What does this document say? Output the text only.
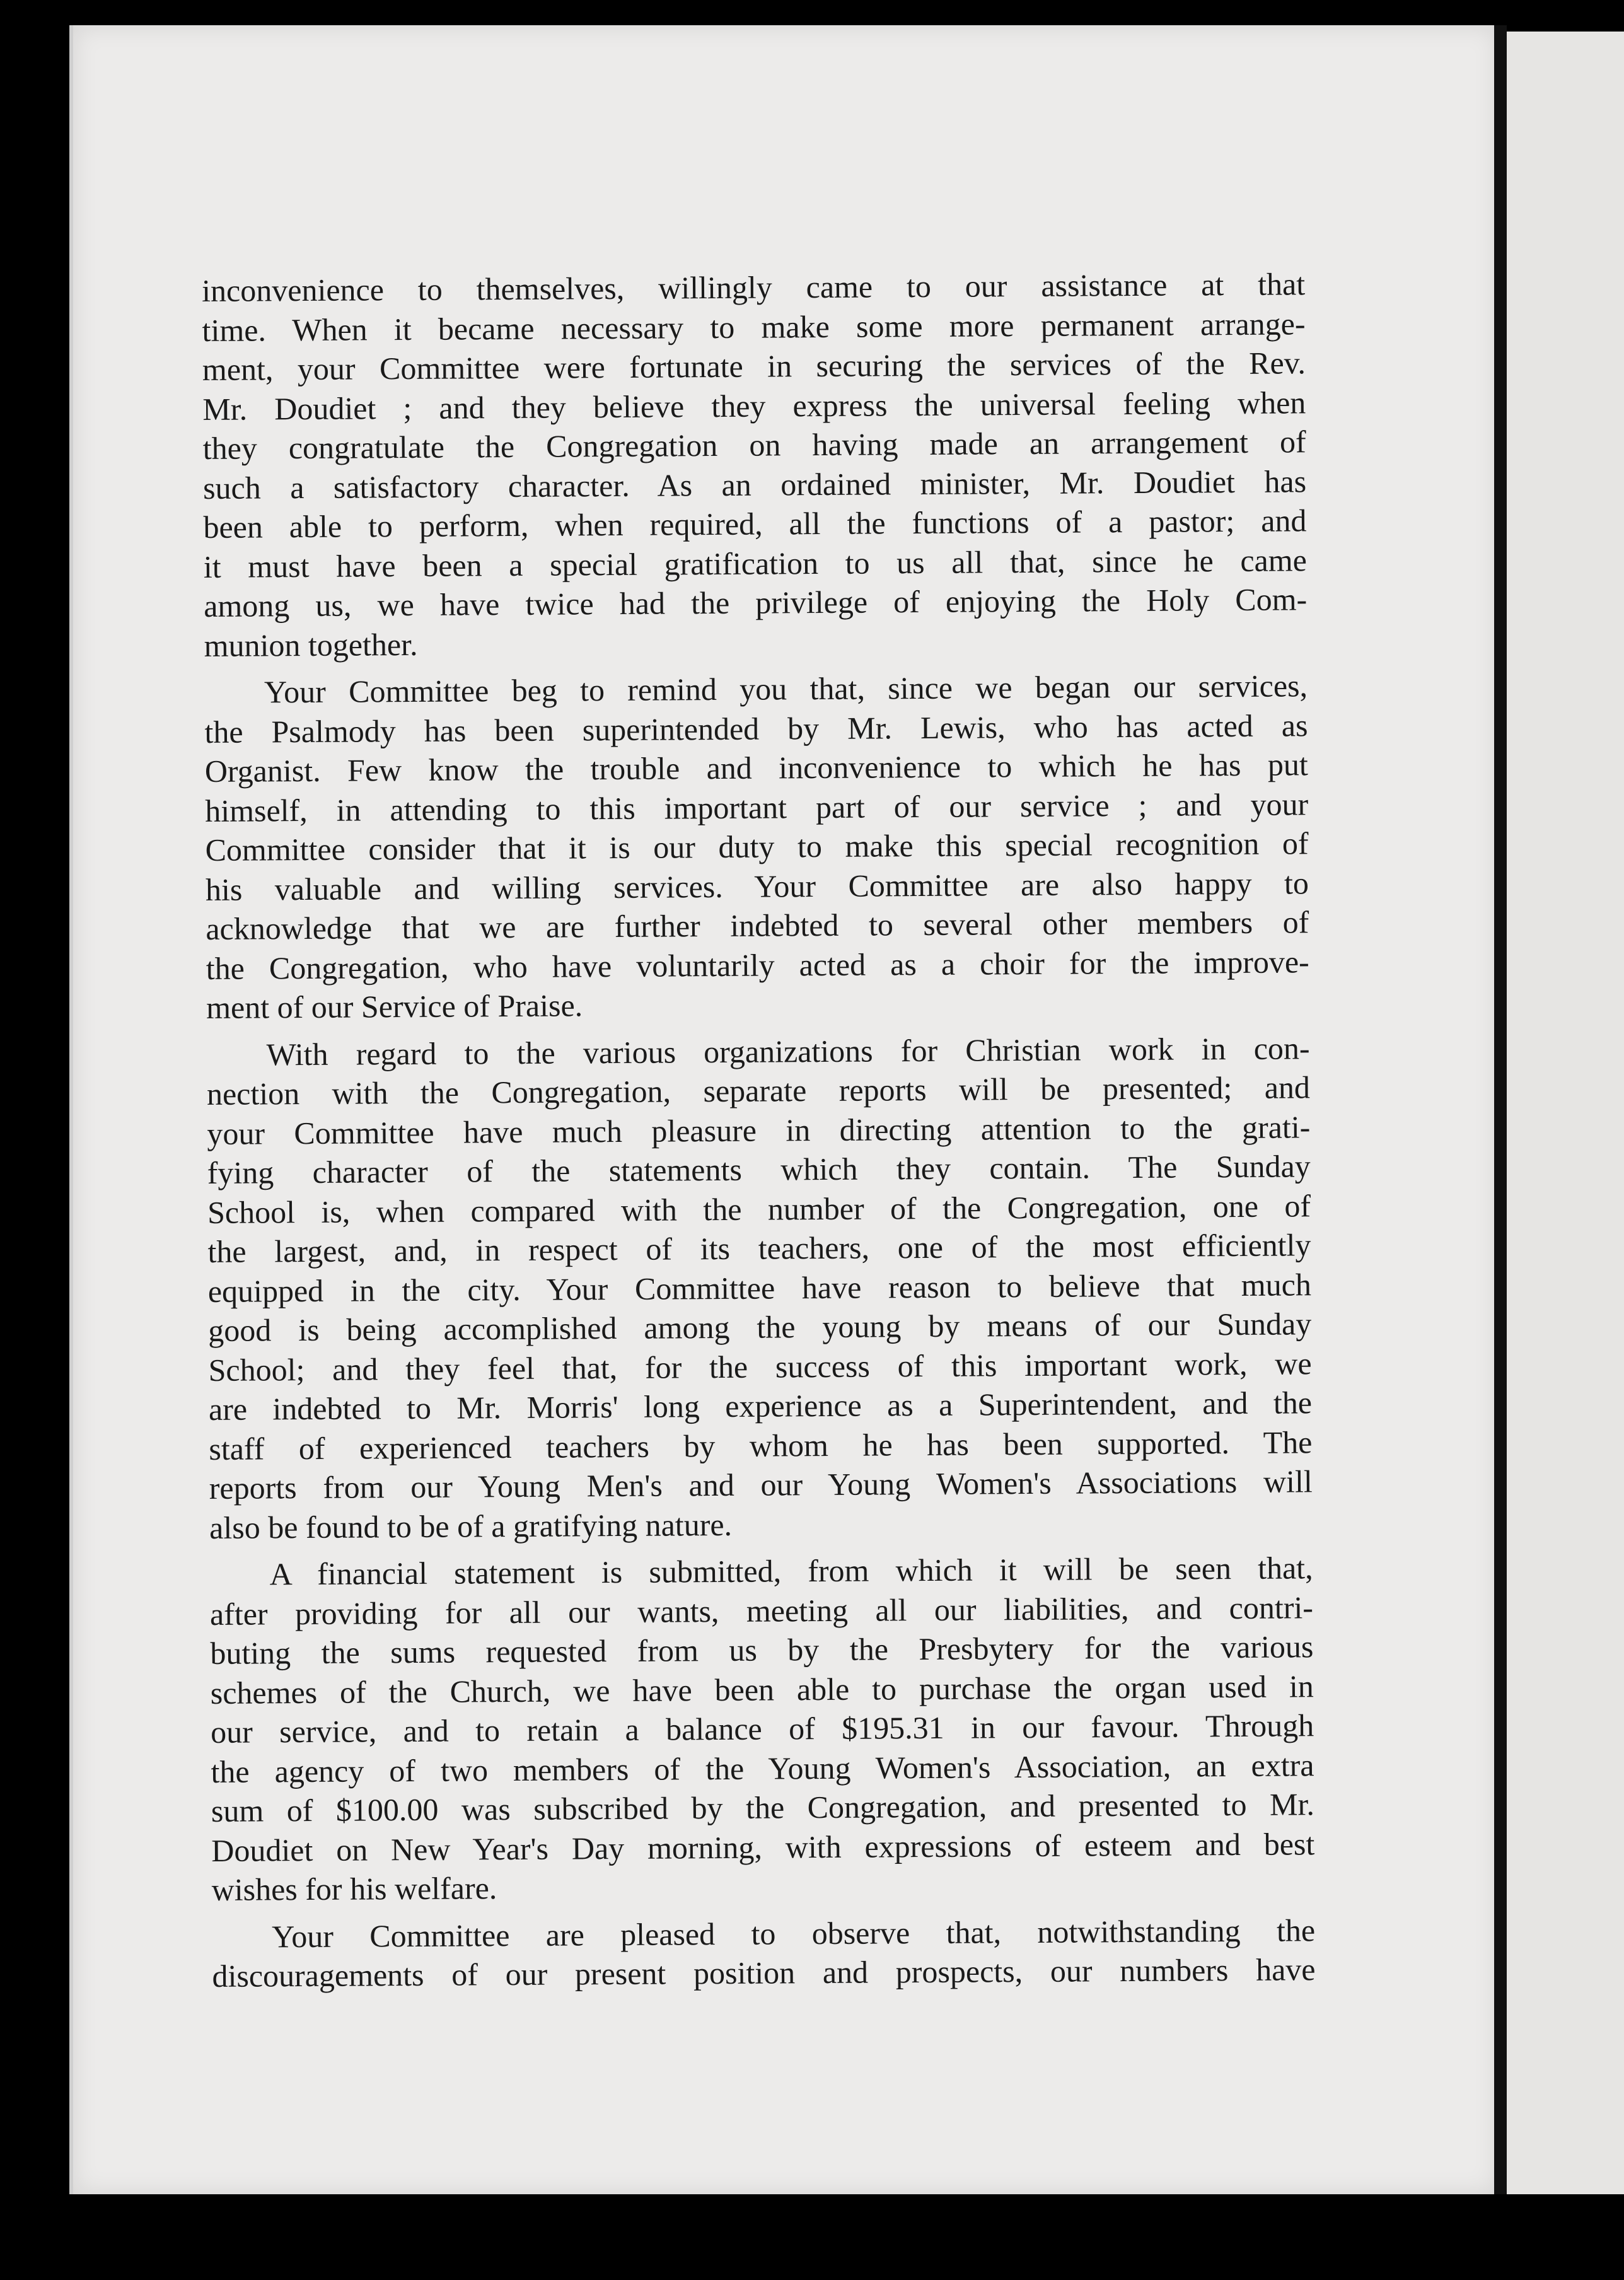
inconvenience to themselves, willingly came to our assistance at that
time. When it became necessary to make some more permanent arrange-
ment, your Committee were fortunate in securing the services of the Rev.
Mr. Doudiet ; and they believe they express the universal feeling when
they congratulate the Congregation on having made an arrangement of
such a satisfactory character. As an ordained minister, Mr. Doudiet has
been able to perform, when required, all the functions of a pastor; and
it must have been a special gratification to us all that, since he came
among us, we have twice had the privilege of enjoying the Holy Com-
munion together.
Your Committee beg to remind you that, since we began our services,
the Psalmody has been superintended by Mr. Lewis, who has acted as
Organist. Few know the trouble and inconvenience to which he has put
himself, in attending to this important part of our service ; and your
Committee consider that it is our duty to make this special recognition of
his valuable and willing services. Your Committee are also happy to
acknowledge that we are further indebted to several other members of
the Congregation, who have voluntarily acted as a choir for the improve-
ment of our Service of Praise.
With regard to the various organizations for Christian work in con-
nection with the Congregation, separate reports will be presented; and
your Committee have much pleasure in directing attention to the grati-
fying character of the statements which they contain. The Sunday
School is, when compared with the number of the Congregation, one of
the largest, and, in respect of its teachers, one of the most efficiently
equipped in the city. Your Committee have reason to believe that much
good is being accomplished among the young by means of our Sunday
School; and they feel that, for the success of this important work, we
are indebted to Mr. Morris' long experience as a Superintendent, and the
staff of experienced teachers by whom he has been supported. The
reports from our Young Men's and our Young Women's Associations will
also be found to be of a gratifying nature.
A financial statement is submitted, from which it will be seen that,
after providing for all our wants, meeting all our liabilities, and contri-
buting the sums requested from us by the Presbytery for the various
schemes of the Church, we have been able to purchase the organ used in
our service, and to retain a balance of $195.31 in our favour. Through
the agency of two members of the Young Women's Association, an extra
sum of $100.00 was subscribed by the Congregation, and presented to Mr.
Doudiet on New Year's Day morning, with expressions of esteem and best
wishes for his welfare.
Your Committee are pleased to observe that, notwithstanding the
discouragements of our present position and prospects, our numbers have
